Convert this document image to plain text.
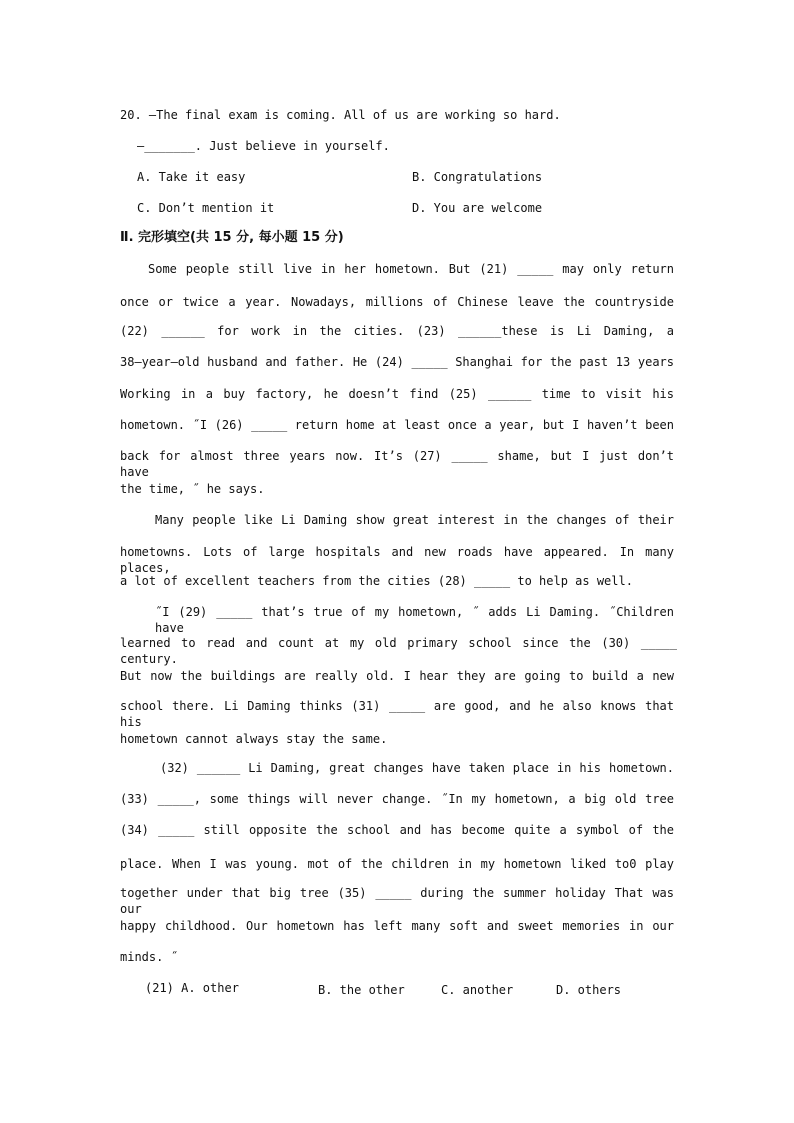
20. —The final exam is coming. All of us are working so hard.
—_______. Just believe in yourself.
A. Take it easy	B. Congratulations
C. Don’t mention it	D. You are welcome
Ⅱ. 完形填空(共 15 分, 每小题 15 分)
Some people still live in her hometown. But (21) _____ may only return
once or twice a year. Nowadays, millions of Chinese leave the countryside
(22) ______ for work in the cities. (23) ______these is Li Daming, a
38–year–old husband and father. He (24) _____ Shanghai for the past 13 years
Working in a buy factory, he doesn’t find (25) ______ time to visit his
hometown. ˝I (26) _____ return home at least once a year, but I haven’t been
back for almost three years now. It’s (27) _____ shame, but I just don’t have
the time, ˝ he says.
Many people like Li Daming show great interest in the changes of their
hometowns. Lots of large hospitals and new roads have appeared. In many places,
a lot of excellent teachers from the cities (28) _____ to help as well.
˝I (29) _____ that’s true of my hometown, ˝ adds Li Daming. ˝Children have
learned to read and count at my old primary school since the (30) _____ century.
But now the buildings are really old. I hear they are going to build a new
school there. Li Daming thinks (31) _____ are good, and he also knows that his
hometown cannot always stay the same.
(32) ______ Li Daming, great changes have taken place in his hometown.
(33) _____, some things will never change. ˝In my hometown, a big old tree
(34) _____ still opposite the school and has become quite a symbol of the
place. When I was young. mot of the children in my hometown liked to0 play
together under that big tree (35) _____ during the summer holiday That was our
happy childhood. Our hometown has left many soft and sweet memories in our
minds. ˝
(21) A. other	B. the other	C. another	D. others
